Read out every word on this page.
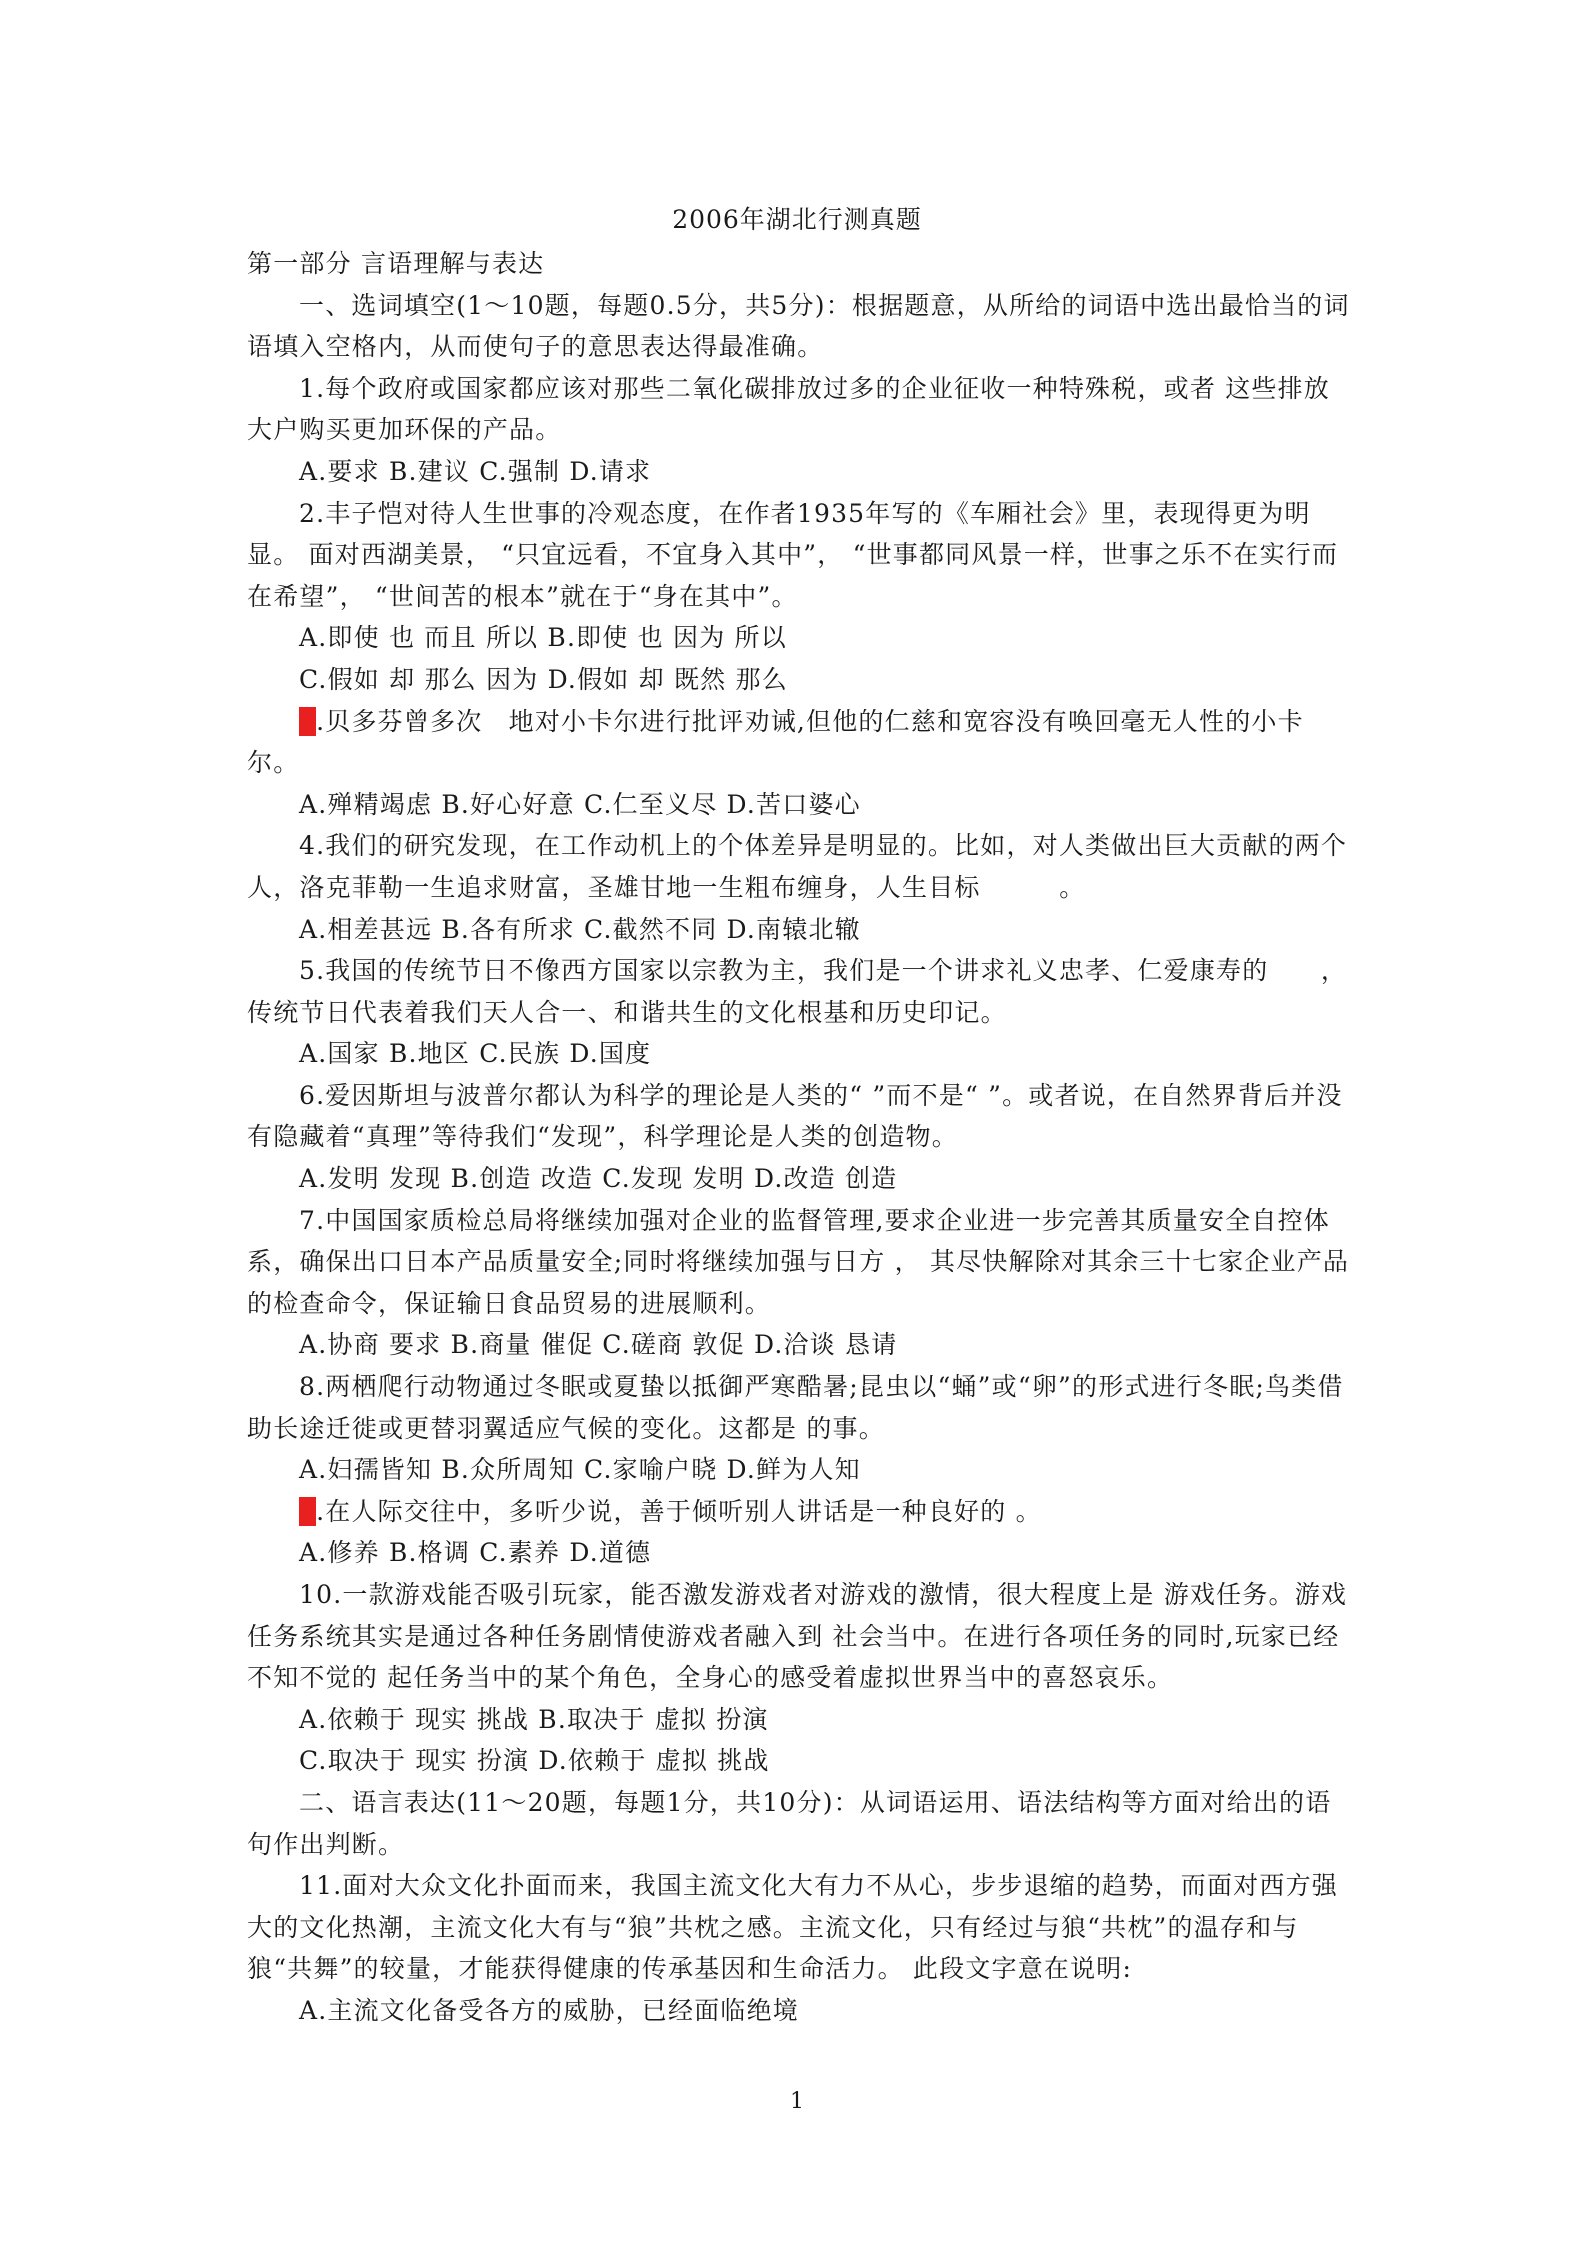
2006年湖北行测真题

第一部分 言语理解与表达

一、选词填空(1～10题，每题0.5分，共5分)：根据题意，从所给的词语中选出最恰当的词语填入空格内，从而使句子的意思表达得最准确。

1.每个政府或国家都应该对那些二氧化碳排放过多的企业征收一种特殊税，或者 这些排放大户购买更加环保的产品。

A.要求 B.建议 C.强制 D.请求

2.丰子恺对待人生世事的冷观态度，在作者1935年写的《车厢社会》里，表现得更为明显。 面对西湖美景， “只宜远看，不宜身入其中”， “世事都同风景一样，世事之乐不在实行而在希望”， “世间苦的根本”就在于“身在其中”。

A.即使 也 而且 所以 B.即使 也 因为 所以

C.假如 却 那么 因为 D.假如 却 既然 那么

3.贝多芬曾多次　地对小卡尔进行批评劝诫,但他的仁慈和宽容没有唤回毫无人性的小卡尔。

A.殚精竭虑 B.好心好意 C.仁至义尽 D.苦口婆心

4.我们的研究发现，在工作动机上的个体差异是明显的。比如，对人类做出巨大贡献的两个人，洛克菲勒一生追求财富，圣雄甘地一生粗布缠身，人生目标　　　。

A.相差甚远 B.各有所求 C.截然不同 D.南辕北辙

5.我国的传统节日不像西方国家以宗教为主，我们是一个讲求礼义忠孝、仁爱康寿的　　，传统节日代表着我们天人合一、和谐共生的文化根基和历史印记。

A.国家 B.地区 C.民族 D.国度

6.爱因斯坦与波普尔都认为科学的理论是人类的“ ”而不是“ ”。或者说，在自然界背后并没有隐藏着“真理”等待我们“发现”，科学理论是人类的创造物。

A.发明 发现 B.创造 改造 C.发现 发明 D.改造 创造

7.中国国家质检总局将继续加强对企业的监督管理,要求企业进一步完善其质量安全自控体系，确保出口日本产品质量安全;同时将继续加强与日方 ， 其尽快解除对其余三十七家企业产品的检查命令，保证输日食品贸易的进展顺利。

A.协商 要求 B.商量 催促 C.磋商 敦促 D.洽谈 恳请

8.两栖爬行动物通过冬眠或夏蛰以抵御严寒酷暑;昆虫以“蛹”或“卵”的形式进行冬眠;鸟类借助长途迁徙或更替羽翼适应气候的变化。这都是 的事。

A.妇孺皆知 B.众所周知 C.家喻户晓 D.鲜为人知

9.在人际交往中，多听少说，善于倾听别人讲话是一种良好的 。

A.修养 B.格调 C.素养 D.道德

10.一款游戏能否吸引玩家，能否激发游戏者对游戏的激情，很大程度上是 游戏任务。游戏任务系统其实是通过各种任务剧情使游戏者融入到 社会当中。在进行各项任务的同时,玩家已经不知不觉的 起任务当中的某个角色，全身心的感受着虚拟世界当中的喜怒哀乐。

A.依赖于 现实 挑战 B.取决于 虚拟 扮演

C.取决于 现实 扮演 D.依赖于 虚拟 挑战

二、语言表达(11～20题，每题1分，共10分)：从词语运用、语法结构等方面对给出的语句作出判断。

11.面对大众文化扑面而来，我国主流文化大有力不从心，步步退缩的趋势，而面对西方强大的文化热潮，主流文化大有与“狼”共枕之感。主流文化，只有经过与狼“共枕”的温存和与狼“共舞”的较量，才能获得健康的传承基因和生命活力。 此段文字意在说明:

A.主流文化备受各方的威胁，已经面临绝境

1
